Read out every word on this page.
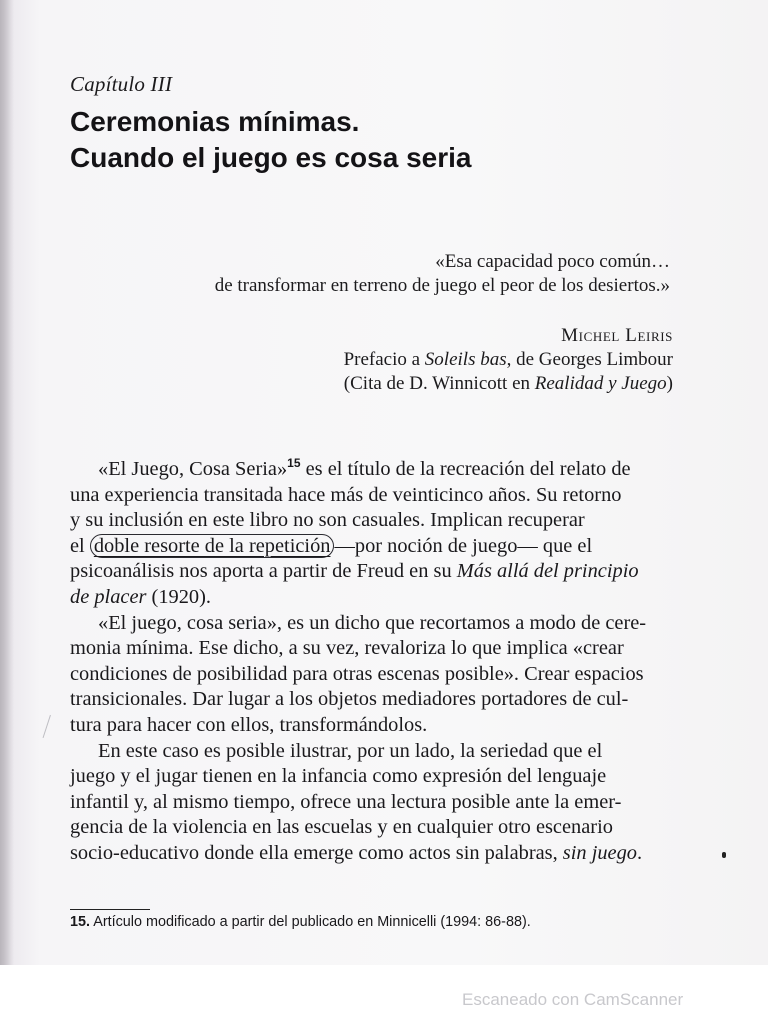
Capítulo III
Ceremonias mínimas.
Cuando el juego es cosa seria
«Esa capacidad poco común…
de transformar en terreno de juego el peor de los desiertos.»
Michel Leiris
Prefacio a Soleils bas, de Georges Limbour
(Cita de D. Winnicott en Realidad y Juego)
«El Juego, Cosa Seria»$^{15}$ es el título de la recreación del relato de
una experiencia transitada hace más de veinticinco años. Su retorno
y su inclusión en este libro no son casuales. Implican recuperar
el doble resorte de la repetición —por noción de juego— que el
psicoanálisis nos aporta a partir de Freud en su Más allá del principio
de placer (1920).
«El juego, cosa seria», es un dicho que recortamos a modo de cere-
monia mínima. Ese dicho, a su vez, revaloriza lo que implica «crear
condiciones de posibilidad para otras escenas posible». Crear espacios
transicionales. Dar lugar a los objetos mediadores portadores de cul-
tura para hacer con ellos, transformándolos.
En este caso es posible ilustrar, por un lado, la seriedad que el
juego y el jugar tienen en la infancia como expresión del lenguaje
infantil y, al mismo tiempo, ofrece una lectura posible ante la emer-
gencia de la violencia en las escuelas y en cualquier otro escenario
socio-educativo donde ella emerge como actos sin palabras, sin juego.
15. Artículo modificado a partir del publicado en Minnicelli (1994: 86-88).
Escaneado con CamScanner
